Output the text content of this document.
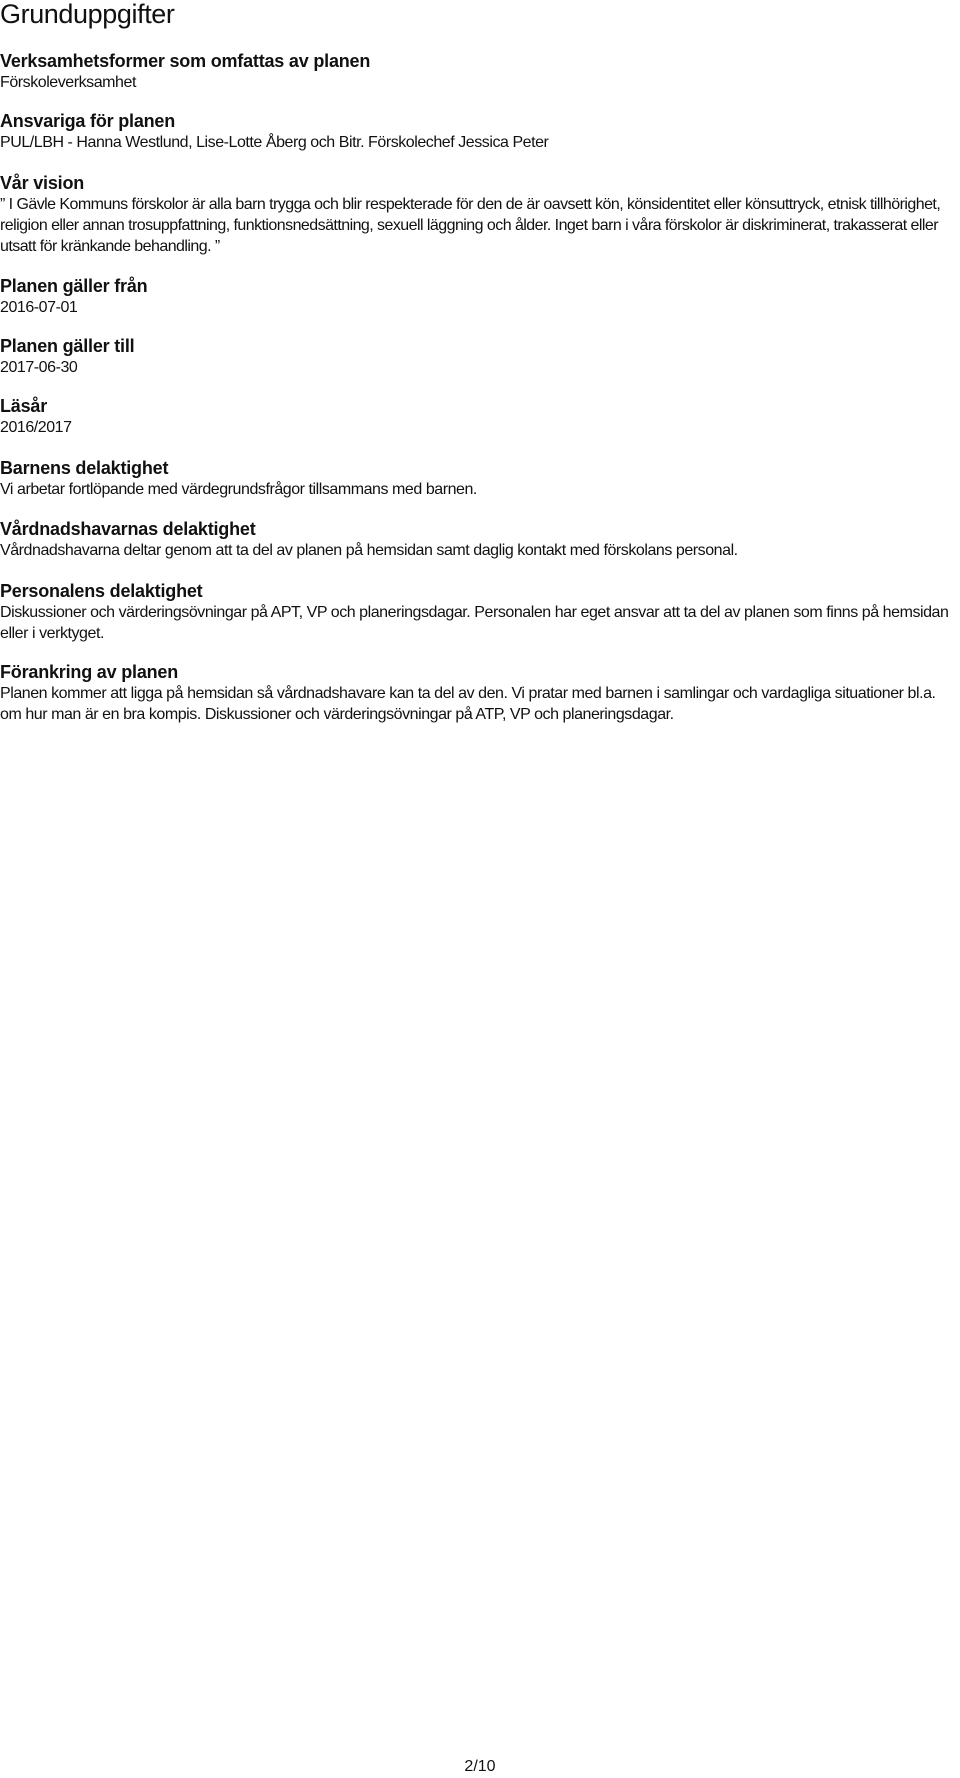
Grunduppgifter
Verksamhetsformer som omfattas av planen

Förskoleverksamhet

Ansvariga för planen

PUL/LBH - Hanna Westlund, Lise-Lotte Åberg och Bitr. Förskolechef Jessica Peter

Vår vision

” I Gävle Kommuns förskolor är alla barn trygga och blir respekterade för den de är oavsett kön, könsidentitet eller könsuttryck, etnisk tillhörighet, religion eller annan trosuppfattning, funktionsnedsättning, sexuell läggning och ålder. Inget barn i våra förskolor är diskriminerat, trakasserat eller utsatt för kränkande behandling. ”

Planen gäller från

2016-07-01

Planen gäller till

2017-06-30

Läsår

2016/2017

Barnens delaktighet

Vi arbetar fortlöpande med värdegrundsfrågor tillsammans med barnen.

Vårdnadshavarnas delaktighet

Vårdnadshavarna deltar genom att ta del av planen på hemsidan samt daglig kontakt med förskolans personal.

Personalens delaktighet

Diskussioner och värderingsövningar på APT, VP och planeringsdagar. Personalen har eget ansvar att ta del av planen som finns på hemsidan eller i verktyget.

Förankring av planen

Planen kommer att ligga på hemsidan så vårdnadshavare kan ta del av den. Vi pratar med barnen i samlingar och vardagliga situationer bl.a. om hur man är en bra kompis. Diskussioner och värderingsövningar på ATP, VP och planeringsdagar.

2/10
